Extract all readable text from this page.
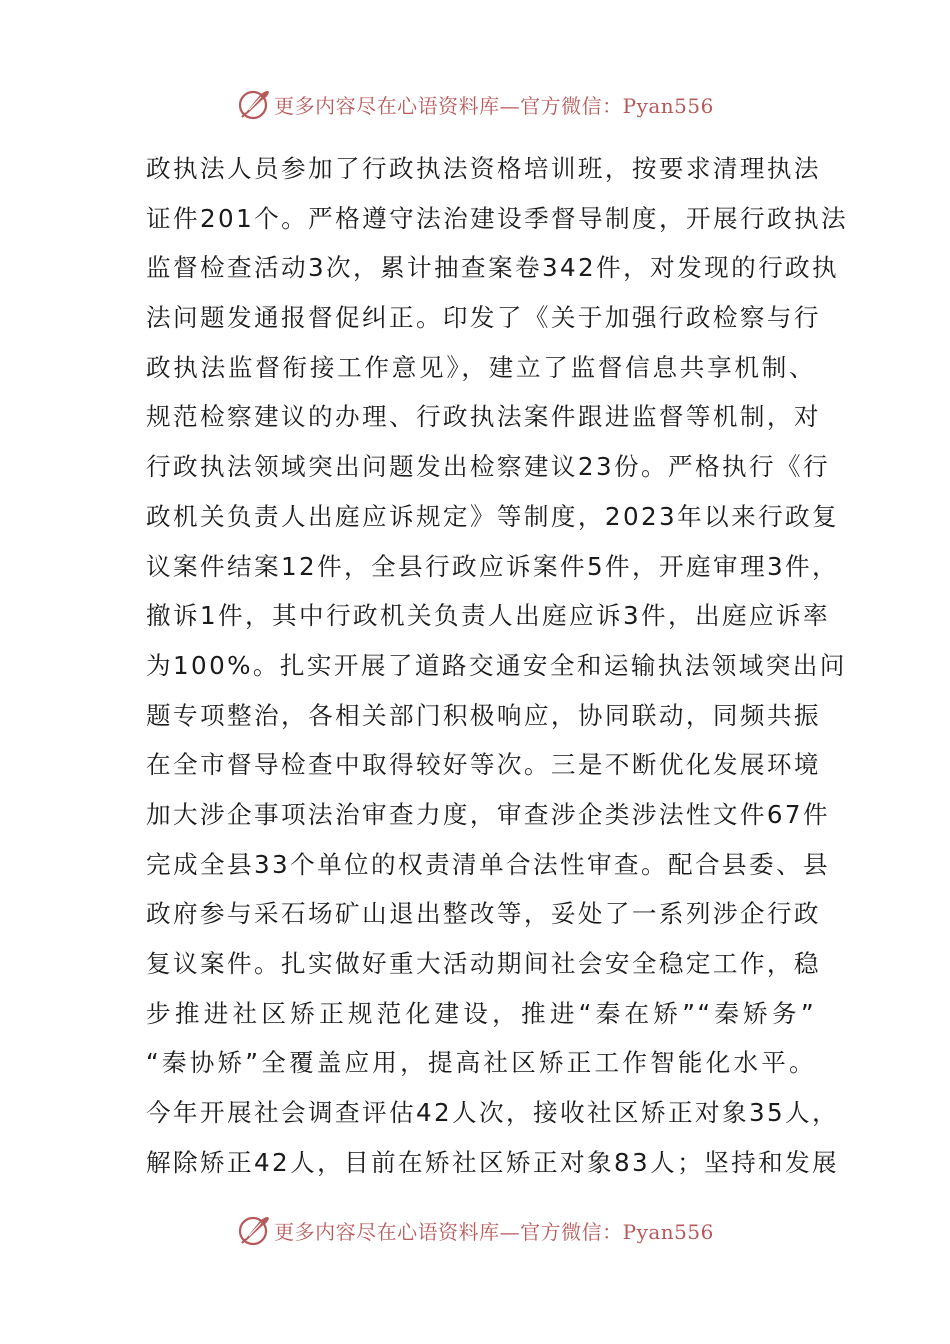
更多内容尽在心语资料库—官方微信：Pyan556
政执法人员参加了行政执法资格培训班，按要求清理执法
证件201个。严格遵守法治建设季督导制度，开展行政执法
监督检查活动3次，累计抽查案卷342件，对发现的行政执
法问题发通报督促纠正。印发了《关于加强行政检察与行
政执法监督衔接工作意见》，建立了监督信息共享机制、
规范检察建议的办理、行政执法案件跟进监督等机制，对
行政执法领域突出问题发出检察建议23份。严格执行《行
政机关负责人出庭应诉规定》等制度，2023年以来行政复
议案件结案12件，全县行政应诉案件5件，开庭审理3件，
撤诉1件，其中行政机关负责人出庭应诉3件，出庭应诉率
为100%。扎实开展了道路交通安全和运输执法领域突出问
题专项整治，各相关部门积极响应，协同联动，同频共振
在全市督导检查中取得较好等次。三是不断优化发展环境
加大涉企事项法治审查力度，审查涉企类涉法性文件67件
完成全县33个单位的权责清单合法性审查。配合县委、县
政府参与采石场矿山退出整改等，妥处了一系列涉企行政
复议案件。扎实做好重大活动期间社会安全稳定工作，稳
步推进社区矫正规范化建设，推进“秦在矫”“秦矫务”
“秦协矫”全覆盖应用，提高社区矫正工作智能化水平。
今年开展社会调查评估42人次，接收社区矫正对象35人，
解除矫正42人，目前在矫社区矫正对象83人；坚持和发展
更多内容尽在心语资料库—官方微信：Pyan556
